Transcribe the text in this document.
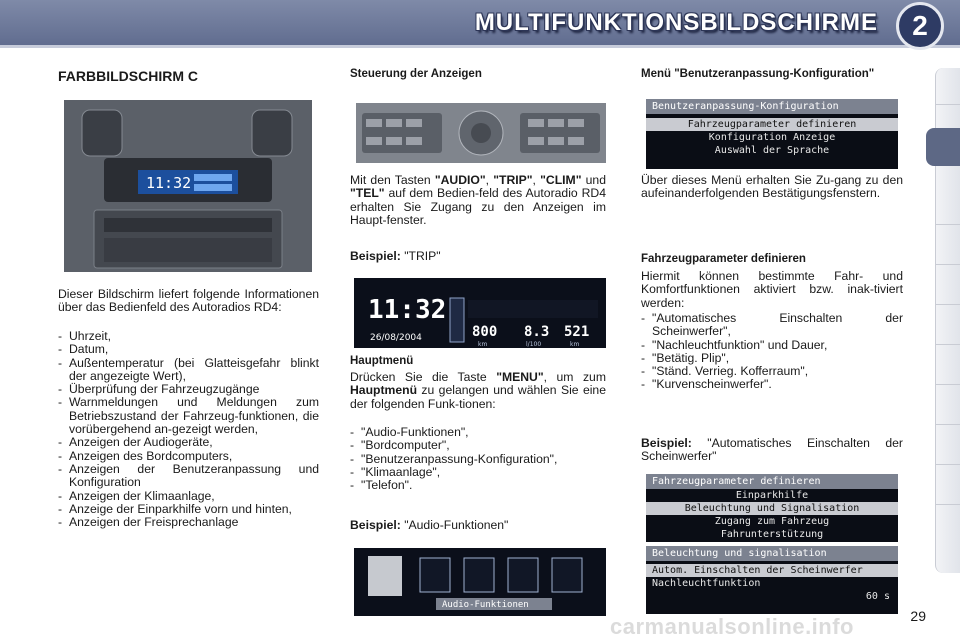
MULTIFUNKTIONSBILDSCHIRME	2
FARBBILDSCHIRM C
11:32
Dieser Bildschirm liefert folgende Informationen über das Bedienfeld des Autoradios RD4:
- Uhrzeit,
- Datum,
- Außentemperatur (bei Glatteisgefahr blinkt der angezeigte Wert),
- Überprüfung der Fahrzeugzugänge
- Warnmeldungen und Meldungen zum Betriebszustand der Fahrzeug-funktionen, die vorübergehend an-gezeigt werden,
- Anzeigen der Audiogeräte,
- Anzeigen des Bordcomputers,
- Anzeigen der Benutzeranpassung und Konfiguration
- Anzeigen der Klimaanlage,
- Anzeige der Einparkhilfe vorn und hinten,
- Anzeigen der Freisprechanlage
Steuerung der Anzeigen
Mit den Tasten "AUDIO", "TRIP", "CLIM" und "TEL" auf dem Bedien-feld des Autoradio RD4 erhalten Sie Zugang zu den Anzeigen im Haupt-fenster.
Beispiel: "TRIP"
11:32
26/08/2004	800 8.3 521
km	l/100	km
Hauptmenü
Drücken Sie die Taste "MENU", um zum Hauptmenü zu gelangen und wählen Sie eine der folgenden Funk-tionen:
- "Audio-Funktionen",
- "Bordcomputer",
- "Benutzeranpassung-Konfiguration",
- "Klimaanlage",
- "Telefon".
Beispiel: "Audio-Funktionen"
Audio-Funktionen
Menü "Benutzeranpassung-Konfiguration"
Benutzeranpassung-Konfiguration
Fahrzeugparameter definieren
Konfiguration Anzeige
Auswahl der Sprache
Über dieses Menü erhalten Sie Zu-gang zu den aufeinanderfolgenden Bestätigungsfenstern.
Fahrzeugparameter definieren
Hiermit können bestimmte Fahr- und Komfortfunktionen aktiviert bzw. inak-tiviert werden:
- "Automatisches Einschalten der Scheinwerfer",
- "Nachleuchtfunktion" und Dauer,
- "Betätig. Plip",
- "Ständ. Verrieg. Kofferraum",
- "Kurvenscheinwerfer".
Beispiel: "Automatisches Einschalten der Scheinwerfer"
Fahrzeugparameter definieren
Einparkhilfe
Beleuchtung und Signalisation
Zugang zum Fahrzeug
Fahrunterstützung
Beleuchtung und signalisation
Autom. Einschalten der Scheinwerfer
Nachleuchtfunktion
60 s
29
carmanualsonline.info
